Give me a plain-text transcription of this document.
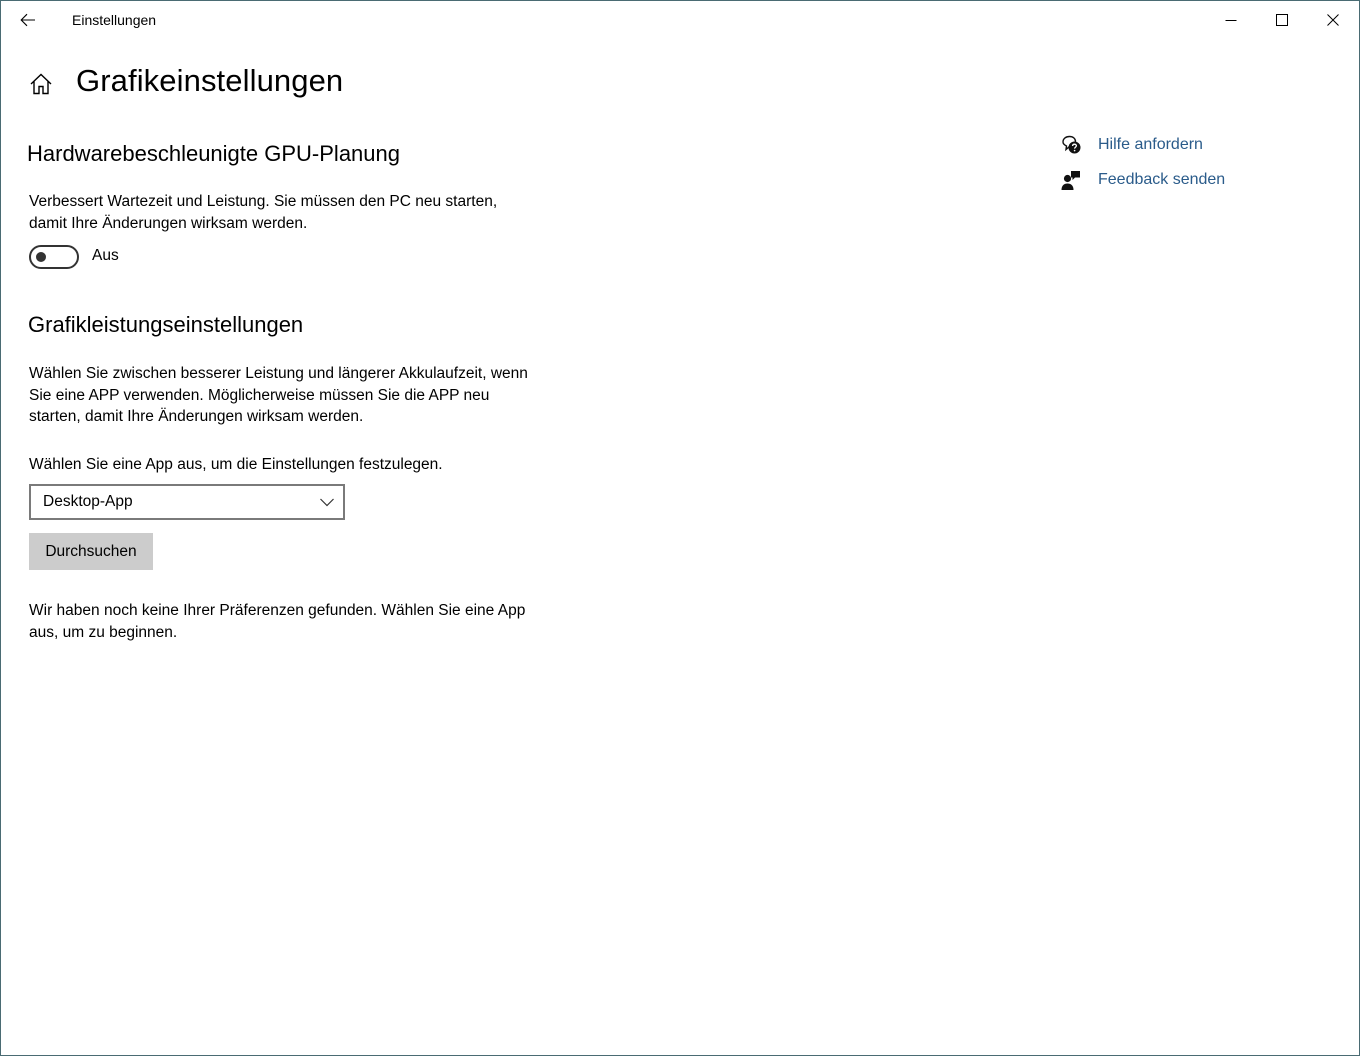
Einstellungen
Grafikeinstellungen
Hardwarebeschleunigte GPU-Planung
Verbessert Wartezeit und Leistung. Sie müssen den PC neu starten, damit Ihre Änderungen wirksam werden.
Aus
Grafikleistungseinstellungen
Wählen Sie zwischen besserer Leistung und längerer Akkulaufzeit, wenn Sie eine APP verwenden. Möglicherweise müssen Sie die APP neu starten, damit Ihre Änderungen wirksam werden.
Wählen Sie eine App aus, um die Einstellungen festzulegen.
Desktop-App
Durchsuchen
Wir haben noch keine Ihrer Präferenzen gefunden. Wählen Sie eine App aus, um zu beginnen.
Hilfe anfordern
Feedback senden
